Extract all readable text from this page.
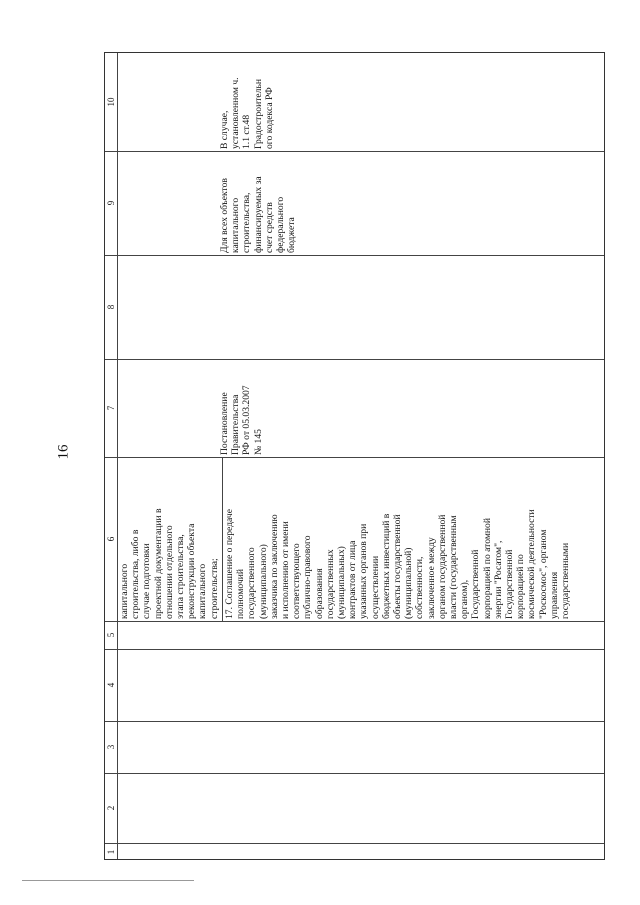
16
10
9
8
7
6
5
4
3
2
1
В случае,
установленном ч.
1.1 ст.48
Градостроительн
ого кодекса РФ
Для всех объектов
капитального
строительства,
финансируемых за
счет средств
федерального
бюджета
Постановление
Правительства
РФ от 05.03.2007
№ 145
капитального
строительства, либо в
случае подготовки
проектной документации в
отношении отдельного
этапа строительства,
реконструкции объекта
капитального
строительства; 17. Соглашение о передаче
полномочий
государственного
(муниципального)
заказчика по заключению
и исполнению от имени
соответствующего
публично-правового
образования
государственных
(муниципальных)
контрактов от лица
указанных органов при
осуществлении
бюджетных инвестиций в
объекты государственной
(муниципальной)
собственности,
заключенное между
органом государственной
власти (государственным
органом),
Государственной
корпорацией по атомной
энергии "Росатом",
Государственной
корпорацией по
космической деятельности
"Роскосмос", органом
управления
государственными
